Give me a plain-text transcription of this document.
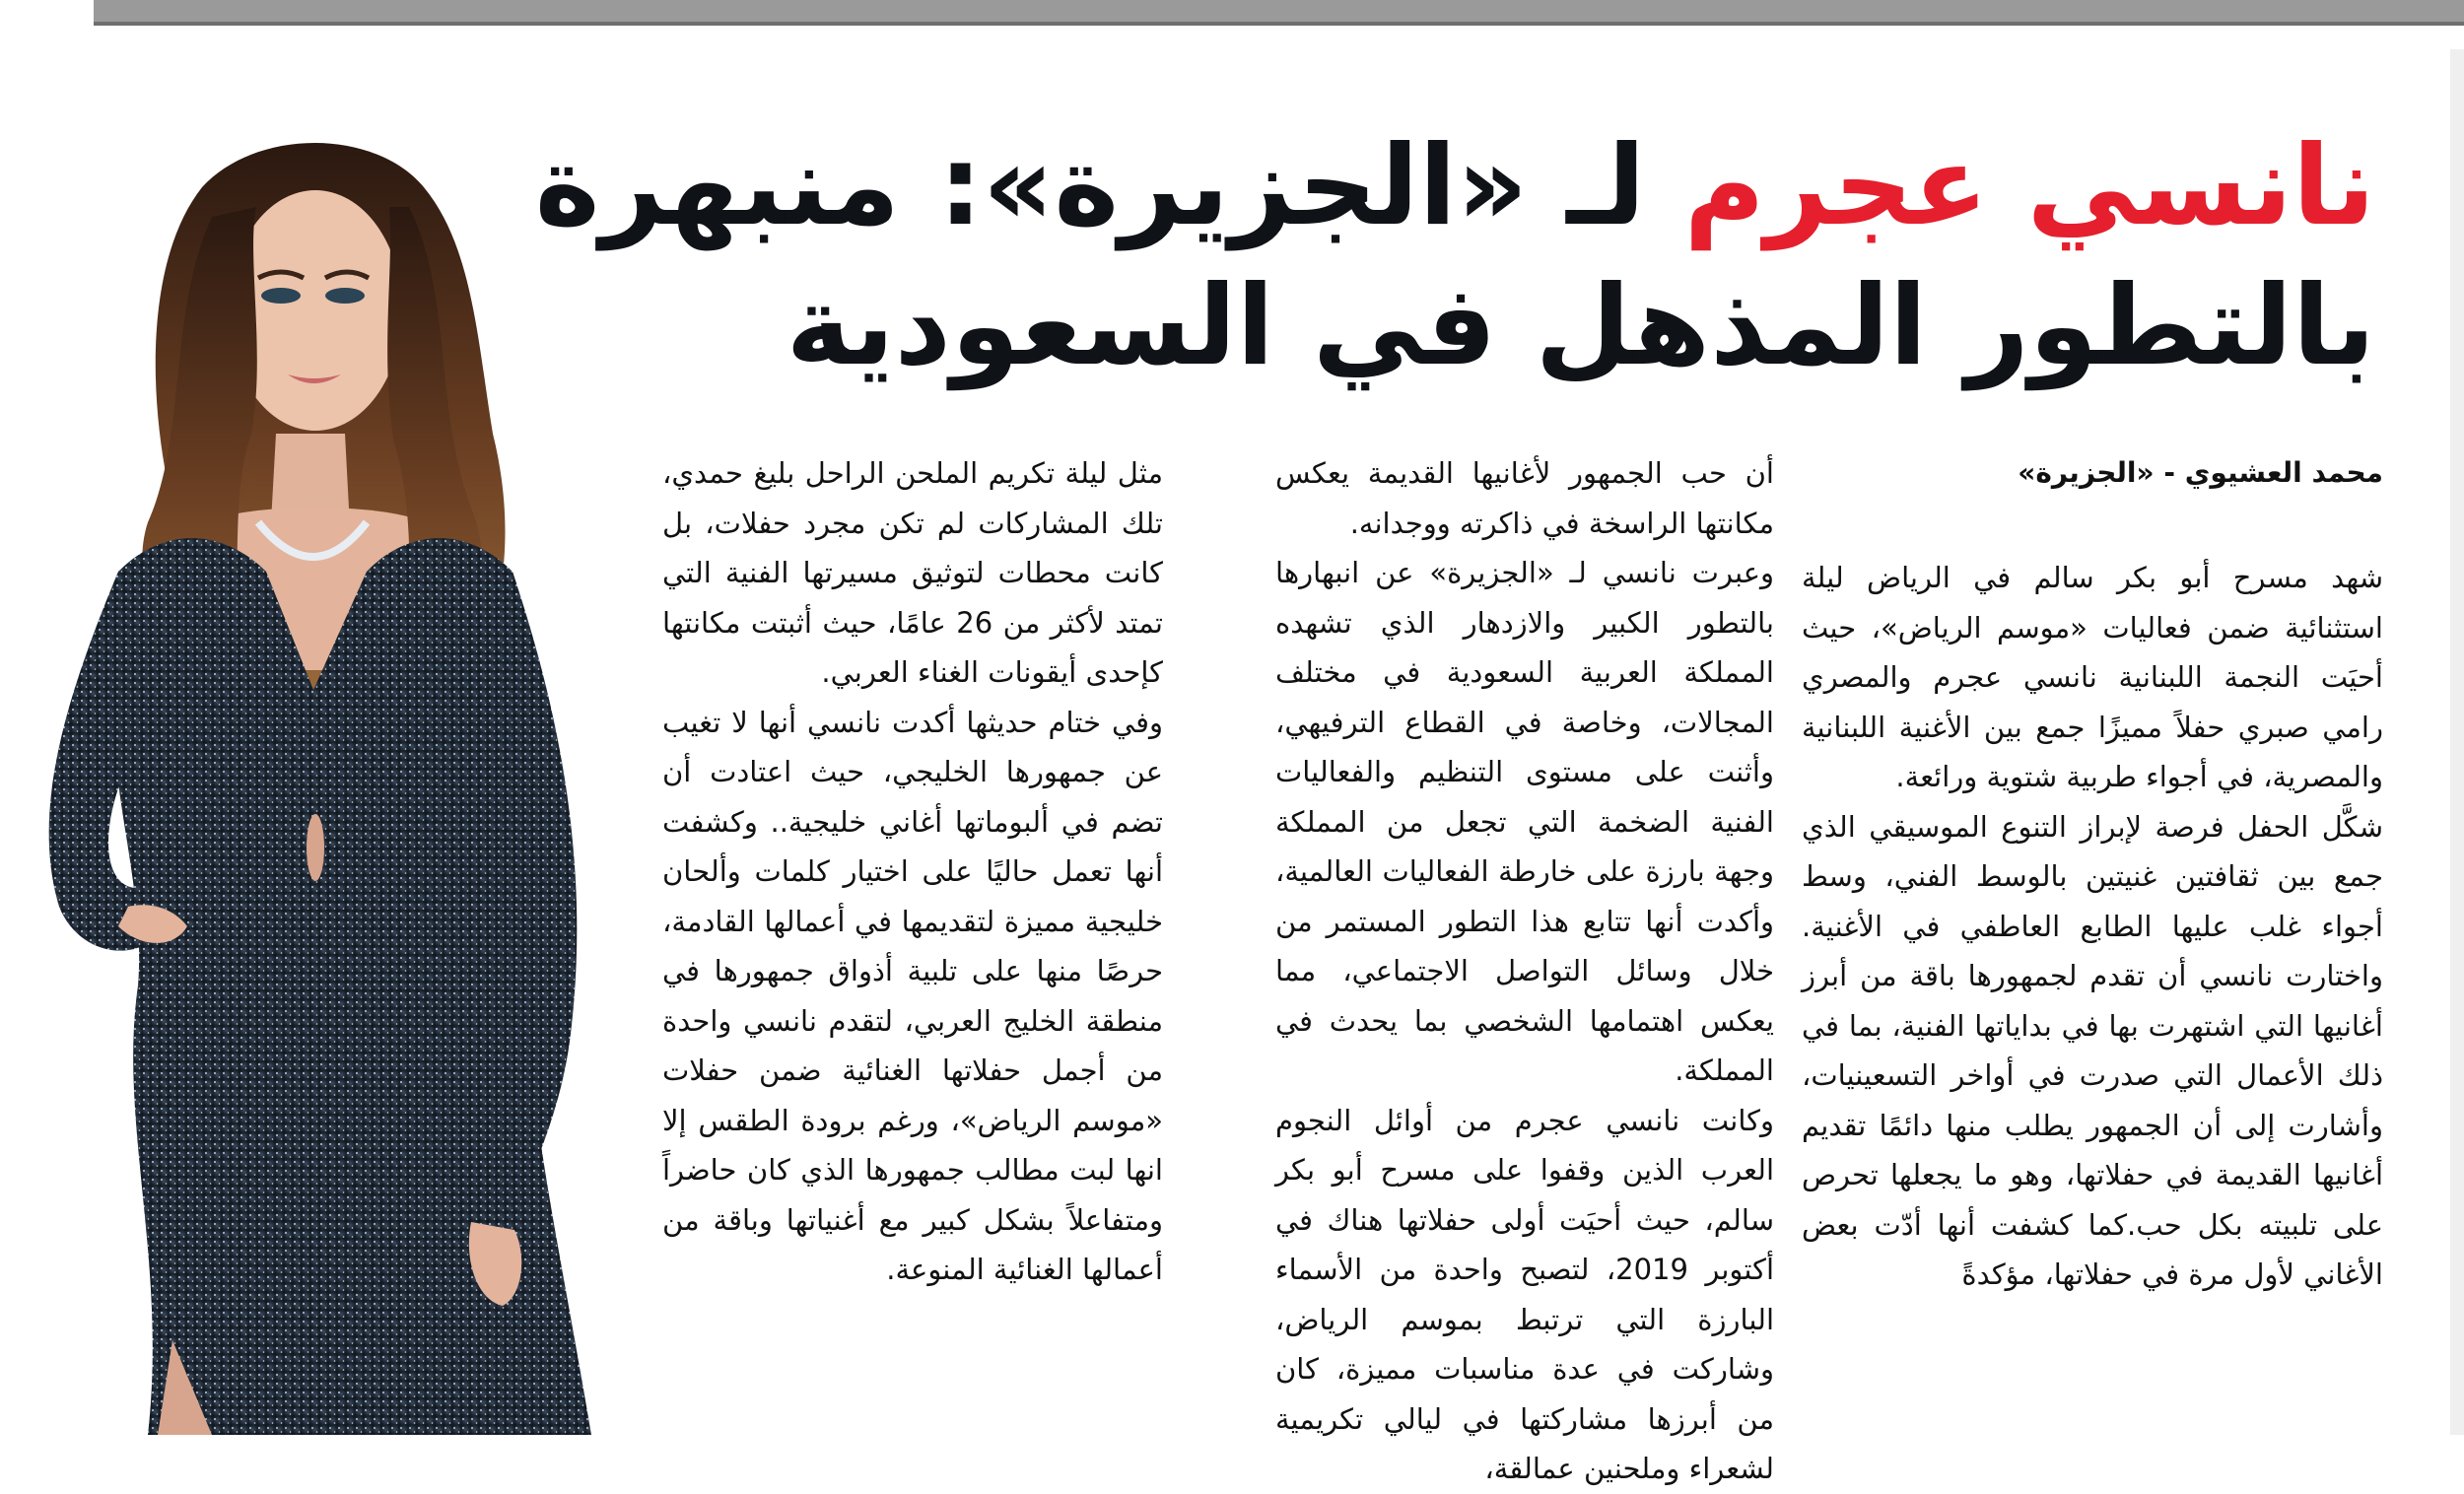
نانسي عجرم لـ «الجزيرة»: منبهرة
بالتطور المذهل في السعودية
محمد العشيوي - «الجزيرة»

شهد مسرح أبو بكر سالم في الرياض ليلة استثنائية ضمن فعاليات «موسم الرياض»، حيث أحيَت النجمة اللبنانية نانسي عجرم والمصري رامي صبري حفلاً مميزًا جمع بين الأغنية اللبنانية والمصرية، في أجواء طربية شتوية ورائعة.

شكَّل الحفل فرصة لإبراز التنوع الموسيقي الذي جمع بين ثقافتين غنيتين بالوسط الفني، وسط أجواء غلب عليها الطابع العاطفي في الأغنية. واختارت نانسي أن تقدم لجمهورها باقة من أبرز أغانيها التي اشتهرت بها في بداياتها الفنية، بما في ذلك الأعمال التي صدرت في أواخر التسعينيات، وأشارت إلى أن الجمهور يطلب منها دائمًا تقديم أغانيها القديمة في حفلاتها، وهو ما يجعلها تحرص على تلبيته بكل حب.كما كشفت أنها أدّت بعض الأغاني لأول مرة في حفلاتها، مؤكدةً

أن حب الجمهور لأغانيها القديمة يعكس مكانتها الراسخة في ذاكرته ووجدانه.

وعبرت نانسي لـ «الجزيرة» عن انبهارها بالتطور الكبير والازدهار الذي تشهده المملكة العربية السعودية في مختلف المجالات، وخاصة في القطاع الترفيهي، وأثنت على مستوى التنظيم والفعاليات الفنية الضخمة التي تجعل من المملكة وجهة بارزة على خارطة الفعاليات العالمية، وأكدت أنها تتابع هذا التطور المستمر من خلال وسائل التواصل الاجتماعي، مما يعكس اهتمامها الشخصي بما يحدث في المملكة.

وكانت نانسي عجرم من أوائل النجوم العرب الذين وقفوا على مسرح أبو بكر سالم، حيث أحيَت أولى حفلاتها هناك في أكتوبر 2019، لتصبح واحدة من الأسماء البارزة التي ترتبط بموسم الرياض، وشاركت في عدة مناسبات مميزة، كان من أبرزها مشاركتها في ليالي تكريمية لشعراء وملحنين عمالقة،

مثل ليلة تكريم الملحن الراحل بليغ حمدي، تلك المشاركات لم تكن مجرد حفلات، بل كانت محطات لتوثيق مسيرتها الفنية التي تمتد لأكثر من 26 عامًا، حيث أثبتت مكانتها كإحدى أيقونات الغناء العربي.

وفي ختام حديثها أكدت نانسي أنها لا تغيب عن جمهورها الخليجي، حيث اعتادت أن تضم في ألبوماتها أغاني خليجية.. وكشفت أنها تعمل حاليًا على اختيار كلمات وألحان خليجية مميزة لتقديمها في أعمالها القادمة، حرصًا منها على تلبية أذواق جمهورها في منطقة الخليج العربي، لتقدم نانسي واحدة من أجمل حفلاتها الغنائية ضمن حفلات «موسم الرياض»، ورغم برودة الطقس إلا انها لبت مطالب جمهورها الذي كان حاضراً ومتفاعلاً بشكل كبير مع أغنياتها وباقة من أعمالها الغنائية المنوعة.
